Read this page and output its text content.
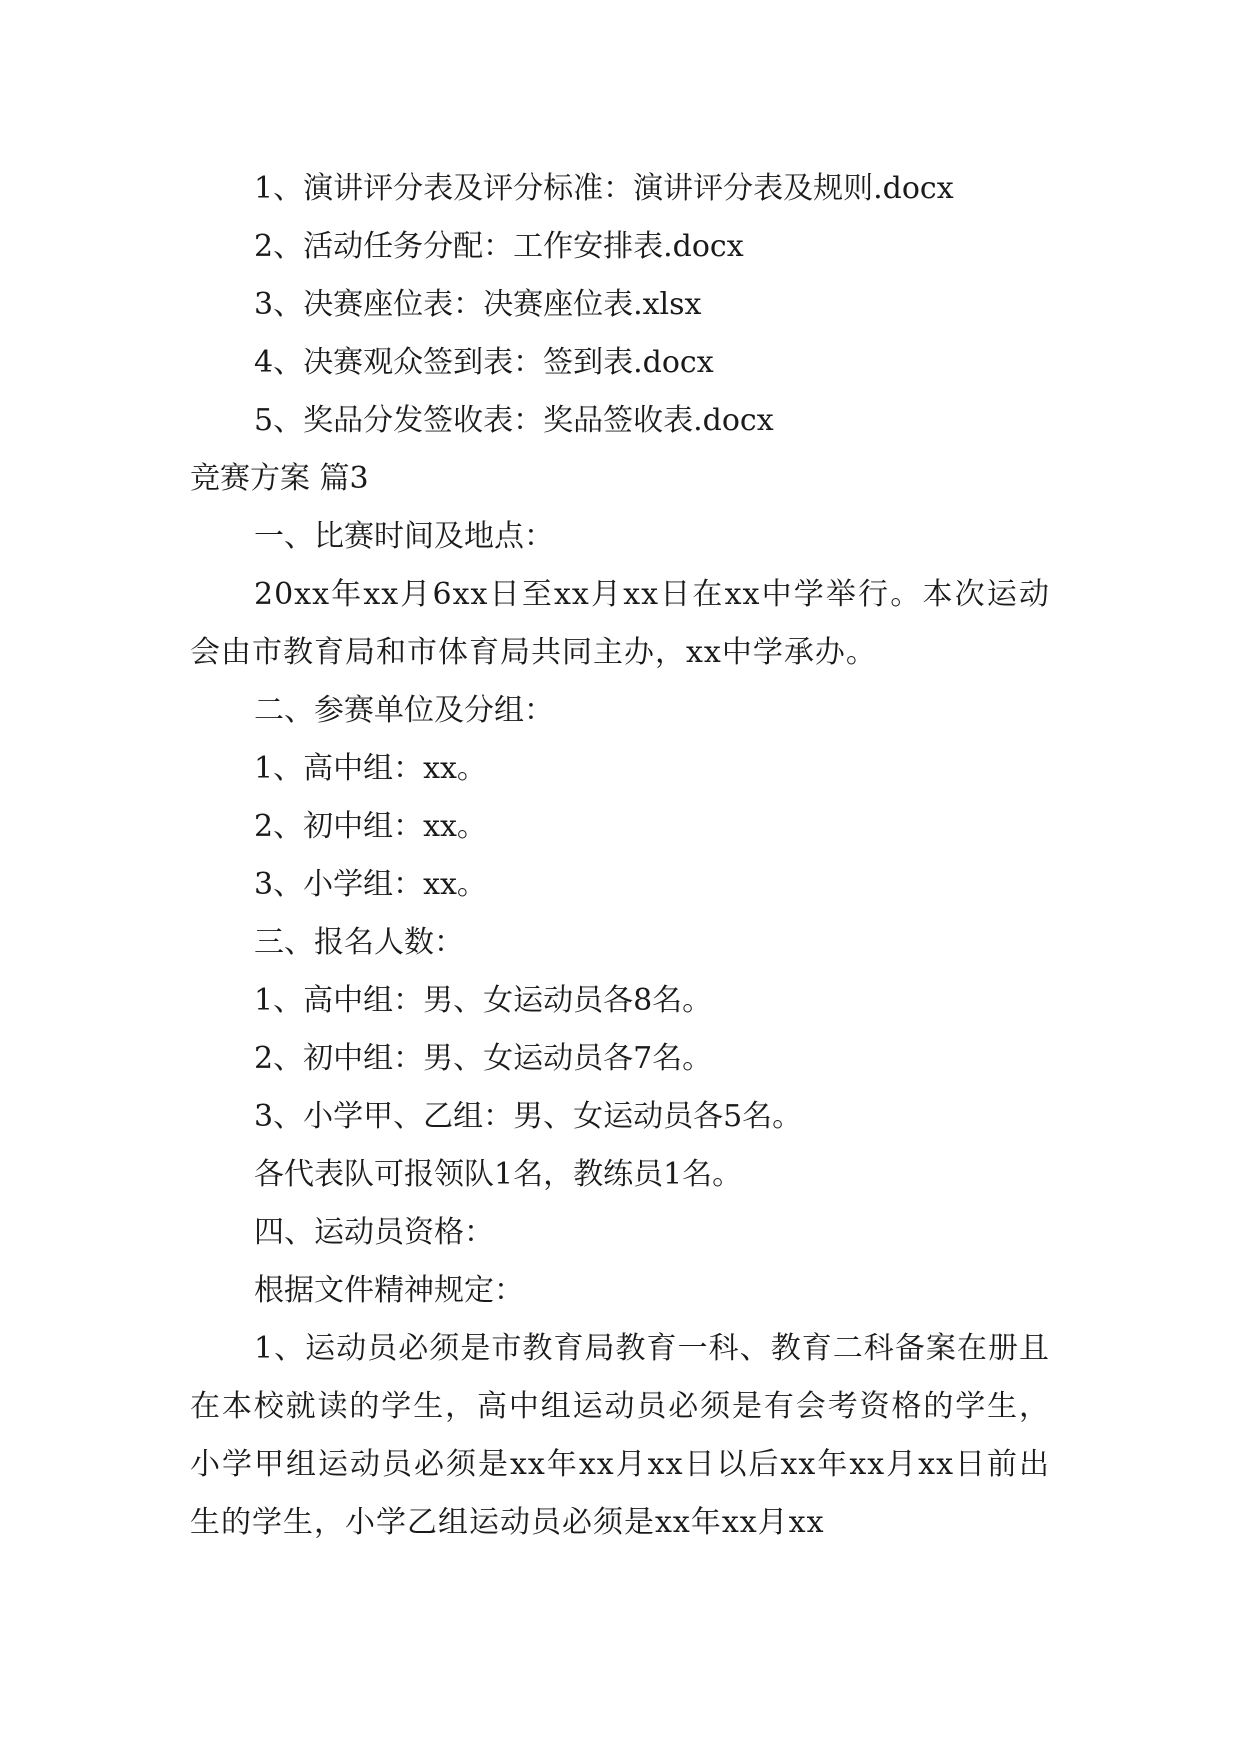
1、演讲评分表及评分标准：演讲评分表及规则.docx

2、活动任务分配：工作安排表.docx

3、决赛座位表：决赛座位表.xlsx

4、决赛观众签到表：签到表.docx

5、奖品分发签收表：奖品签收表.docx

竞赛方案 篇3

一、比赛时间及地点：

20xx年xx月6xx日至xx月xx日在xx中学举行。本次运动会由市教育局和市体育局共同主办，xx中学承办。

二、参赛单位及分组：

1、高中组：xx。

2、初中组：xx。

3、小学组：xx。

三、报名人数：

1、高中组：男、女运动员各8名。

2、初中组：男、女运动员各7名。

3、小学甲、乙组：男、女运动员各5名。

各代表队可报领队1名，教练员1名。

四、运动员资格：

根据文件精神规定：

1、运动员必须是市教育局教育一科、教育二科备案在册且在本校就读的学生，高中组运动员必须是有会考资格的学生，小学甲组运动员必须是xx年xx月xx日以后xx年xx月xx日前出生的学生，小学乙组运动员必须是xx年xx月xx
